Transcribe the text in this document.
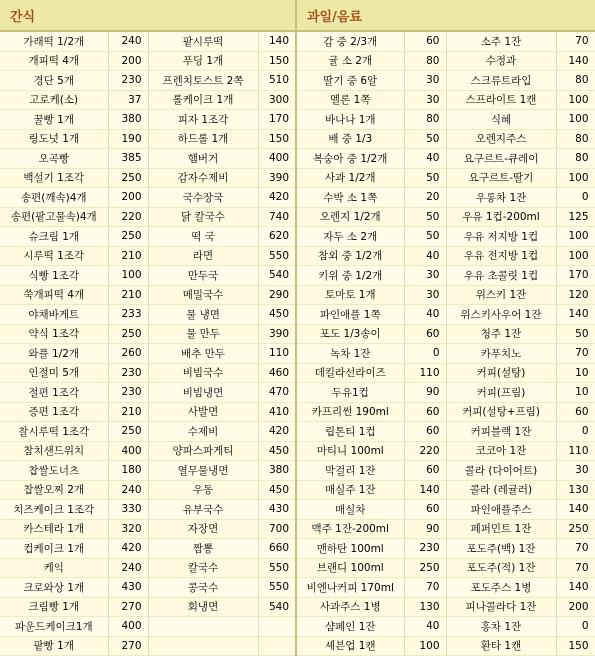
간식				과일/음료			
가래떡 1/2개	240	팥시루떡	140	감 중 2/3개	60	소주 1잔	70
개피떡 4개	200	푸딩 1개	150	귤 소 2개	80	수정과	140
경단 5개	230	프렌치토스트 2쪽	510	딸기 중 6알	30	스크류트라입	80
고로케(소)	37	롤케이크 1개	300	멜론 1쪽	30	스프라이트 1캔	100
꿀빵 1개	380	피자 1조각	170	바나나 1개	80	식혜	100
링도넛 1개	190	하드롤 1개	150	배 중 1/3	50	오렌지주스	80
오곡빵	385	햄버거	400	복숭아 중 1/2개	40	요구르트-큐레이	80
백설기 1조각	250	감자수제비	390	사과 1/2개	50	요구르트-딸기	100
송편(깨속)4개	200	국수장국	420	수박 소 1쪽	20	우롱차 1잔	0
송편(팥고물속)4개	220	닭 칼국수	740	오렌지 1/2개	50	우유 1컵-200ml	125
슈크림 1개	250	떡 국	620	자두 소 2개	50	우유 저지방 1컵	100
시루떡 1조각	210	라면	550	참외 중 1/2개	40	우유 전지방 1컵	100
식빵 1조각	100	만두국	540	키위 중 1/2개	30	우유 초콜릿 1컵	170
쑥개피떡 4개	210	메밀국수	290	토마토 1개	30	위스키 1잔	120
야채바게트	233	물 냉면	450	파인애플 1쪽	40	위스키사우어 1잔	140
약식 1조각	250	물 만두	390	포도 1/3송이	60	청주 1잔	50
와플 1/2개	260	배추 만두	110	녹차 1잔	0	카푸치노	70
인절미 5개	230	비빔국수	460	데킬라선라이즈	110	커피(설탕)	10
절편 1조각	230	비빔냉면	470	두유1컵	90	커피(프림)	10
증편 1조각	210	사발면	410	카프리썬 190ml	60	커피(설탕+프림)	60
찰시루떡 1조각	250	수제비	420	립톤티 1컵	60	커피블랙 1잔	0
참치샌드위치	400	양파스파게티	450	마티니 100ml	220	코코아 1잔	110
찹쌀도너츠	180	열무물냉면	380	막걸리 1잔	60	콜라 (다이어트)	30
찹쌀오찌 2개	240	우동	450	매실주 1잔	140	콜라 (레귤러)	130
치즈케이크 1조각	330	유부국수	430	매실차	60	파인애플주스	140
카스테라 1개	320	자장면	700	맥주 1잔-200ml	90	페퍼민트 1잔	250
컵케이크 1개	420	짬뽕	660	맨하탄 100ml	230	포도주(백) 1잔	70
케익	240	칼국수	550	브랜디 100ml	250	포도주(적) 1잔	70
크로와상 1개	430	콩국수	550	비엔나커피 170ml	70	포도주스 1병	140
크림빵 1개	270	회냉면	540	사과주스 1병	130	피나콜라다 1잔	200
파운드케이크1개	400			샴페인 1잔	40	홍차 1잔	0
팥빵 1개	270			셰븐업 1캔	100	환타 1캔	150
